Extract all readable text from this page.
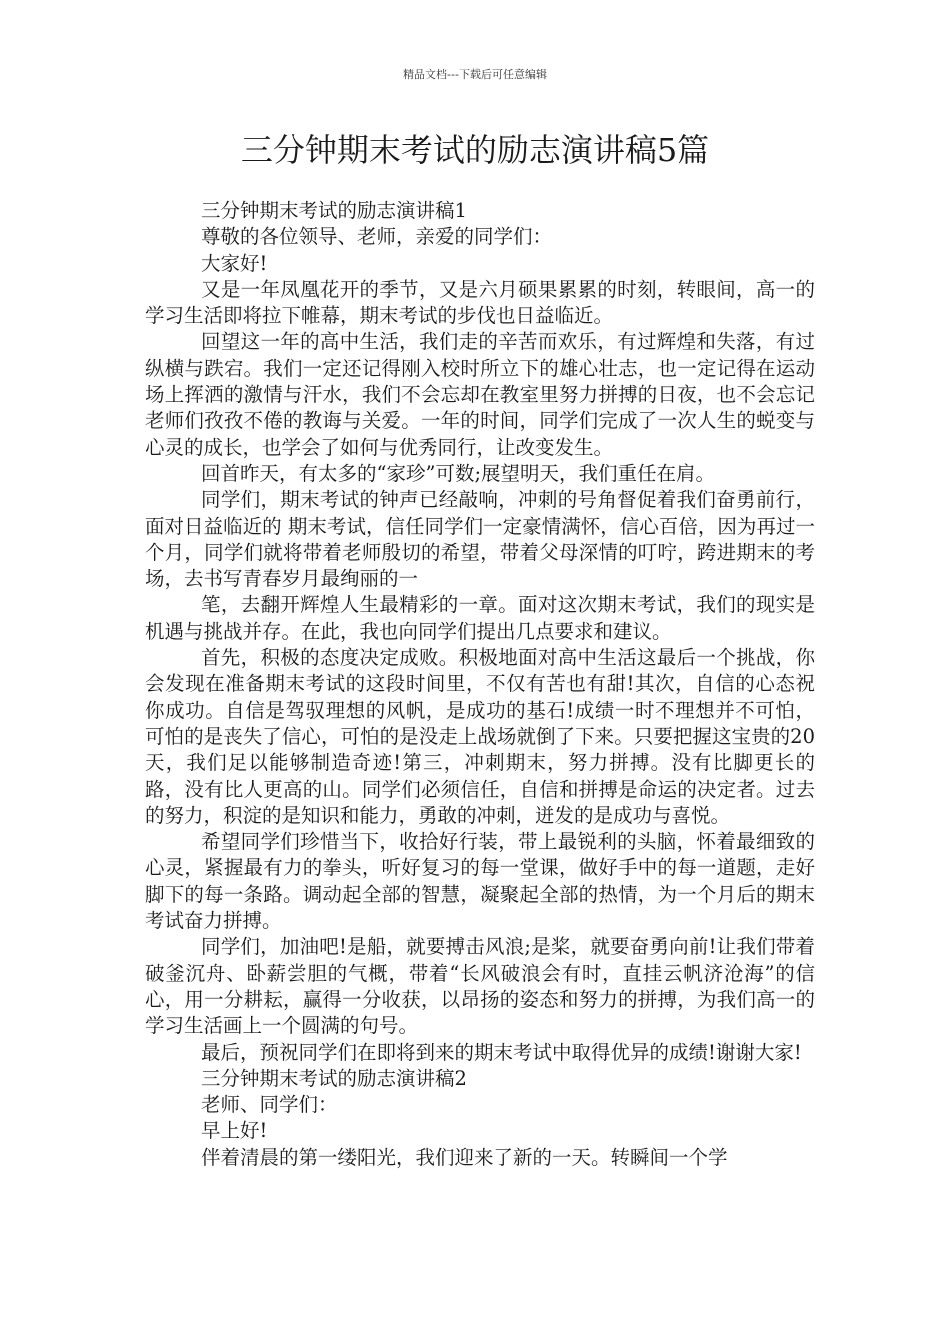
精品文档---下载后可任意编辑
三分钟期末考试的励志演讲稿5篇
三分钟期末考试的励志演讲稿1
尊敬的各位领导、老师，亲爱的同学们：
大家好!

又是一年凤凰花开的季节，又是六月硕果累累的时刻，转眼间，高一的学习生活即将拉下帷幕，期末考试的步伐也日益临近。

回望这一年的高中生活，我们走的辛苦而欢乐，有过辉煌和失落，有过纵横与跌宕。我们一定还记得刚入校时所立下的雄心壮志，也一定记得在运动场上挥洒的激情与汗水，我们不会忘却在教室里努力拼搏的日夜，也不会忘记老师们孜孜不倦的教诲与关爱。一年的时间，同学们完成了一次人生的蜕变与心灵的成长，也学会了如何与优秀同行，让改变发生。

回首昨天，有太多的“家珍”可数;展望明天，我们重任在肩。

同学们，期末考试的钟声已经敲响，冲刺的号角督促着我们奋勇前行，面对日益临近的 期末考试，信任同学们一定豪情满怀，信心百倍，因为再过一个月，同学们就将带着老师殷切的希望，带着父母深情的叮咛，跨进期末的考场，去书写青春岁月最绚丽的一

笔，去翻开辉煌人生最精彩的一章。面对这次期末考试，我们的现实是机遇与挑战并存。在此，我也向同学们提出几点要求和建议。

首先，积极的态度决定成败。积极地面对高中生活这最后一个挑战，你会发现在准备期末考试的这段时间里，不仅有苦也有甜!其次，自信的心态祝你成功。自信是驾驭理想的风帆，是成功的基石!成绩一时不理想并不可怕，可怕的是丧失了信心，可怕的是没走上战场就倒了下来。只要把握这宝贵的20天，我们足以能够制造奇迹!第三，冲刺期末，努力拼搏。没有比脚更长的路，没有比人更高的山。同学们必须信任，自信和拼搏是命运的决定者。过去的努力，积淀的是知识和能力，勇敢的冲刺，迸发的是成功与喜悦。

希望同学们珍惜当下，收拾好行装，带上最锐利的头脑，怀着最细致的心灵，紧握最有力的拳头，听好复习的每一堂课，做好手中的每一道题，走好脚下的每一条路。调动起全部的智慧，凝聚起全部的热情，为一个月后的期末考试奋力拼搏。

同学们，加油吧!是船，就要搏击风浪;是桨，就要奋勇向前!让我们带着破釜沉舟、卧薪尝胆的气概，带着“长风破浪会有时，直挂云帆济沧海”的信心，用一分耕耘，赢得一分收获，以昂扬的姿态和努力的拼搏，为我们高一的学习生活画上一个圆满的句号。

最后，预祝同学们在即将到来的期末考试中取得优异的成绩!谢谢大家!

三分钟期末考试的励志演讲稿2
老师、同学们：
早上好!

伴着清晨的第一缕阳光，我们迎来了新的一天。转瞬间一个学
